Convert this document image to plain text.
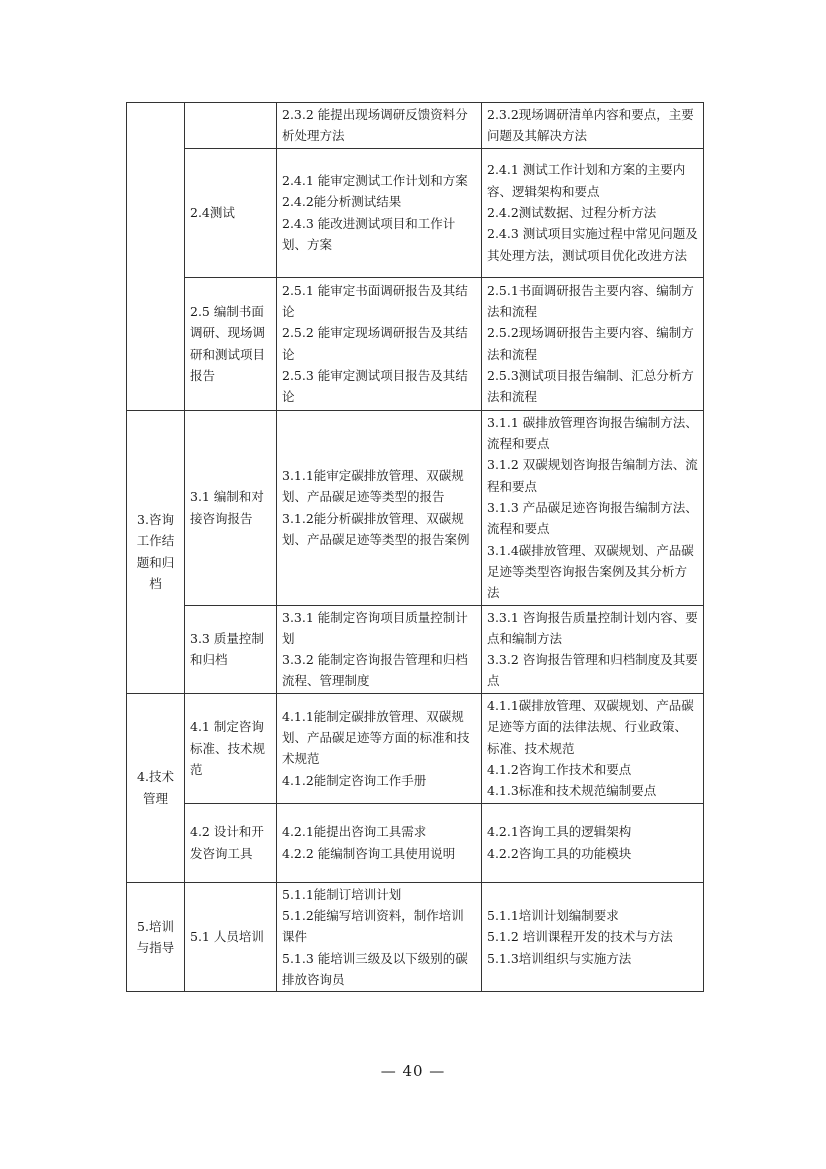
		2.3.2 能提出现场调研反馈资料分析处理方法	2.3.2现场调研清单内容和要点，主要问题及其解决方法

	2.4测试	2.4.1 能审定测试工作计划和方案
2.4.2能分析测试结果
2.4.3 能改进测试项目和工作计划、方案	2.4.1 测试工作计划和方案的主要内容、逻辑架构和要点
2.4.2测试数据、过程分析方法
2.4.3 测试项目实施过程中常见问题及其处理方法，测试项目优化改进方法

	2.5 编制书面调研、现场调研和测试项目报告	2.5.1 能审定书面调研报告及其结论
2.5.2 能审定现场调研报告及其结论
2.5.3 能审定测试项目报告及其结论	2.5.1书面调研报告主要内容、编制方法和流程
2.5.2现场调研报告主要内容、编制方法和流程
2.5.3测试项目报告编制、汇总分析方法和流程

3.咨询工作结题和归档	3.1 编制和对接咨询报告	3.1.1能审定碳排放管理、双碳规划、产品碳足迹等类型的报告
3.1.2能分析碳排放管理、双碳规划、产品碳足迹等类型的报告案例	3.1.1 碳排放管理咨询报告编制方法、流程和要点
3.1.2 双碳规划咨询报告编制方法、流程和要点
3.1.3 产品碳足迹咨询报告编制方法、流程和要点
3.1.4碳排放管理、双碳规划、产品碳足迹等类型咨询报告案例及其分析方法

	3.3 质量控制和归档	3.3.1 能制定咨询项目质量控制计划
3.3.2 能制定咨询报告管理和归档流程、管理制度	3.3.1 咨询报告质量控制计划内容、要点和编制方法
3.3.2 咨询报告管理和归档制度及其要点

4.技术管理	4.1 制定咨询标准、技术规范	4.1.1能制定碳排放管理、双碳规划、产品碳足迹等方面的标准和技术规范
4.1.2能制定咨询工作手册	4.1.1碳排放管理、双碳规划、产品碳足迹等方面的法律法规、行业政策、标准、技术规范
4.1.2咨询工作技术和要点
4.1.3标准和技术规范编制要点

	4.2 设计和开发咨询工具	4.2.1能提出咨询工具需求
4.2.2 能编制咨询工具使用说明	4.2.1咨询工具的逻辑架构
4.2.2咨询工具的功能模块

5.培训与指导	5.1 人员培训	5.1.1能制订培训计划
5.1.2能编写培训资料，制作培训课件
5.1.3 能培训三级及以下级别的碳排放咨询员	5.1.1培训计划编制要求
5.1.2 培训课程开发的技术与方法
5.1.3培训组织与实施方法
— 40 —
